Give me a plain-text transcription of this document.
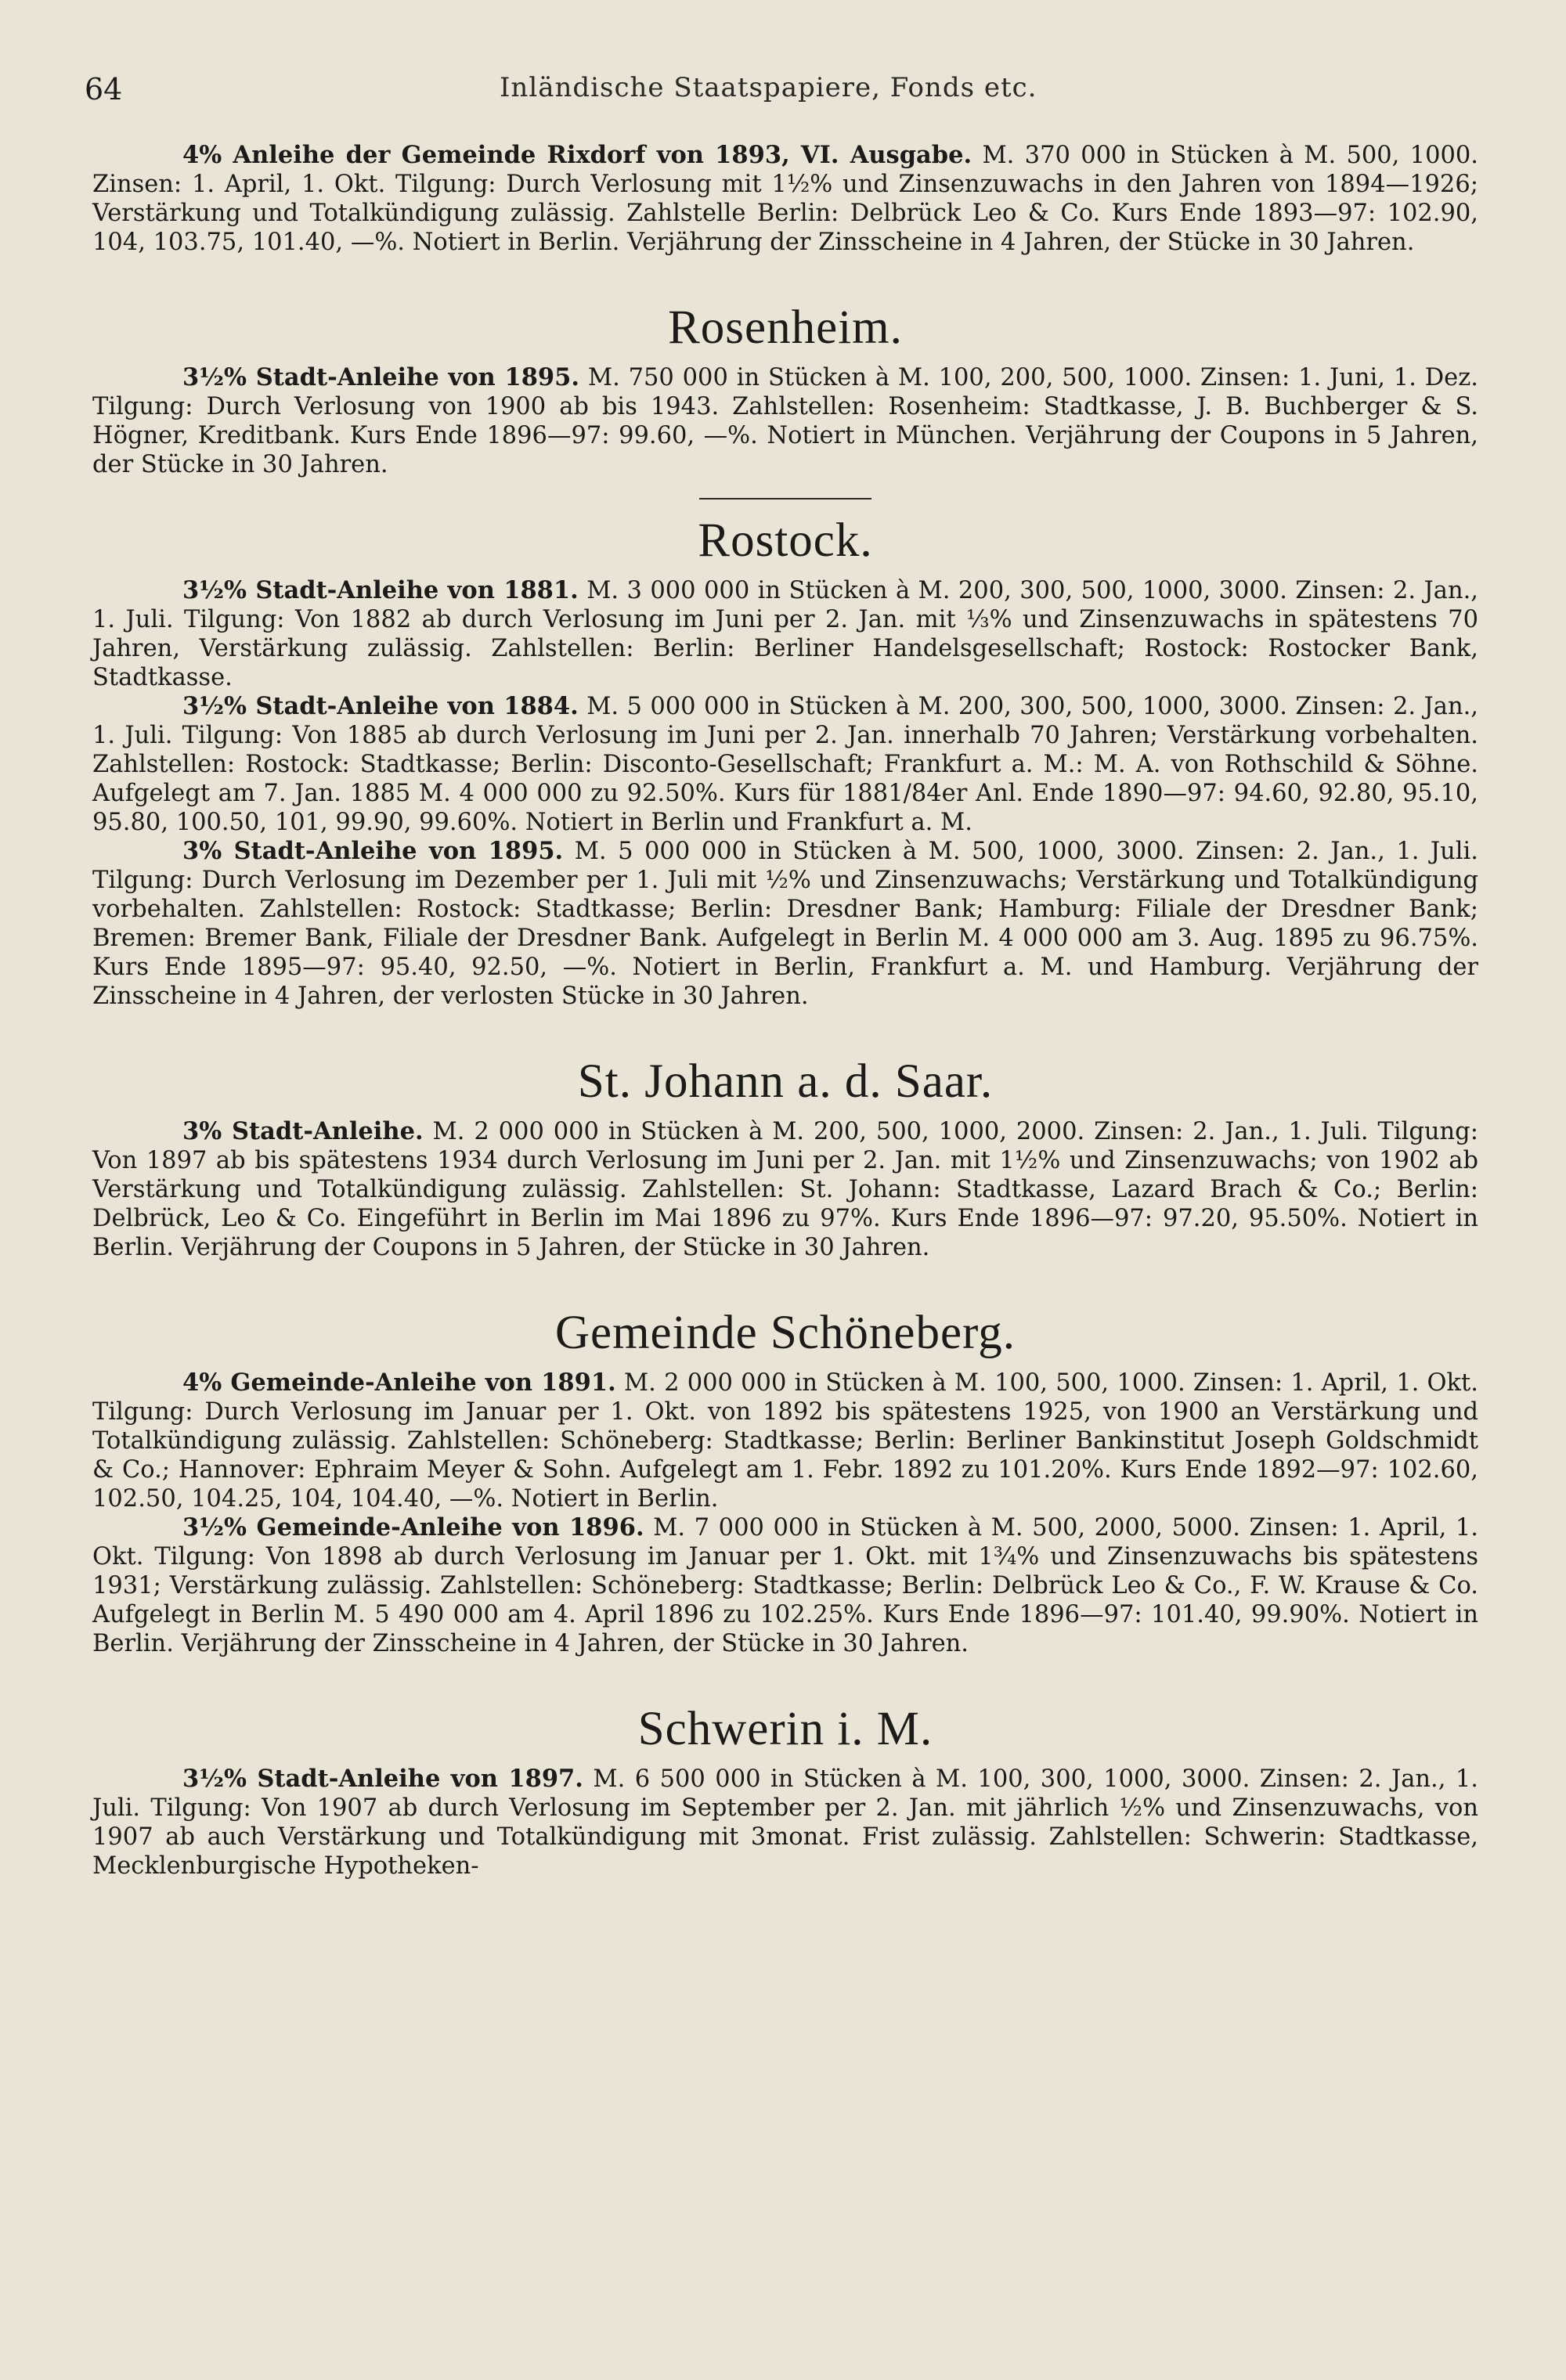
64	Inländische Staatspapiere, Fonds etc.

4% Anleihe der Gemeinde Rixdorf von 1893, VI. Ausgabe. M. 370 000 in Stücken à M. 500, 1000. Zinsen: 1. April, 1. Okt. Tilgung: Durch Verlosung mit 1½% und Zinsenzuwachs in den Jahren von 1894—1926; Verstärkung und Totalkündigung zulässig. Zahlstelle Berlin: Delbrück Leo & Co. Kurs Ende 1893—97: 102.90, 104, 103.75, 101.40, —%. Notiert in Berlin. Verjährung der Zinsscheine in 4 Jahren, der Stücke in 30 Jahren.

Rosenheim.

3½% Stadt-Anleihe von 1895. M. 750 000 in Stücken à M. 100, 200, 500, 1000. Zinsen: 1. Juni, 1. Dez. Tilgung: Durch Verlosung von 1900 ab bis 1943. Zahlstellen: Rosenheim: Stadtkasse, J. B. Buchberger & S. Högner, Kreditbank. Kurs Ende 1896—97: 99.60, —%. Notiert in München. Verjährung der Coupons in 5 Jahren, der Stücke in 30 Jahren.

Rostock.

3½% Stadt-Anleihe von 1881. M. 3 000 000 in Stücken à M. 200, 300, 500, 1000, 3000. Zinsen: 2. Jan., 1. Juli. Tilgung: Von 1882 ab durch Verlosung im Juni per 2. Jan. mit ⅓% und Zinsenzuwachs in spätestens 70 Jahren, Verstärkung zulässig. Zahlstellen: Berlin: Berliner Handelsgesellschaft; Rostock: Rostocker Bank, Stadtkasse.

3½% Stadt-Anleihe von 1884. M. 5 000 000 in Stücken à M. 200, 300, 500, 1000, 3000. Zinsen: 2. Jan., 1. Juli. Tilgung: Von 1885 ab durch Verlosung im Juni per 2. Jan. innerhalb 70 Jahren; Verstärkung vorbehalten. Zahlstellen: Rostock: Stadtkasse; Berlin: Disconto-Gesellschaft; Frankfurt a. M.: M. A. von Rothschild & Söhne. Aufgelegt am 7. Jan. 1885 M. 4 000 000 zu 92.50%. Kurs für 1881/84er Anl. Ende 1890—97: 94.60, 92.80, 95.10, 95.80, 100.50, 101, 99.90, 99.60%. Notiert in Berlin und Frankfurt a. M.

3% Stadt-Anleihe von 1895. M. 5 000 000 in Stücken à M. 500, 1000, 3000. Zinsen: 2. Jan., 1. Juli. Tilgung: Durch Verlosung im Dezember per 1. Juli mit ½% und Zinsenzuwachs; Verstärkung und Totalkündigung vorbehalten. Zahlstellen: Rostock: Stadtkasse; Berlin: Dresdner Bank; Hamburg: Filiale der Dresdner Bank; Bremen: Bremer Bank, Filiale der Dresdner Bank. Aufgelegt in Berlin M. 4 000 000 am 3. Aug. 1895 zu 96.75%. Kurs Ende 1895—97: 95.40, 92.50, —%. Notiert in Berlin, Frankfurt a. M. und Hamburg. Verjährung der Zinsscheine in 4 Jahren, der verlosten Stücke in 30 Jahren.

St. Johann a. d. Saar.

3% Stadt-Anleihe. M. 2 000 000 in Stücken à M. 200, 500, 1000, 2000. Zinsen: 2. Jan., 1. Juli. Tilgung: Von 1897 ab bis spätestens 1934 durch Verlosung im Juni per 2. Jan. mit 1½% und Zinsenzuwachs; von 1902 ab Verstärkung und Totalkündigung zulässig. Zahlstellen: St. Johann: Stadtkasse, Lazard Brach & Co.; Berlin: Delbrück, Leo & Co. Eingeführt in Berlin im Mai 1896 zu 97%. Kurs Ende 1896—97: 97.20, 95.50%. Notiert in Berlin. Verjährung der Coupons in 5 Jahren, der Stücke in 30 Jahren.

Gemeinde Schöneberg.

4% Gemeinde-Anleihe von 1891. M. 2 000 000 in Stücken à M. 100, 500, 1000. Zinsen: 1. April, 1. Okt. Tilgung: Durch Verlosung im Januar per 1. Okt. von 1892 bis spätestens 1925, von 1900 an Verstärkung und Totalkündigung zulässig. Zahlstellen: Schöneberg: Stadtkasse; Berlin: Berliner Bankinstitut Joseph Goldschmidt & Co.; Hannover: Ephraim Meyer & Sohn. Aufgelegt am 1. Febr. 1892 zu 101.20%. Kurs Ende 1892—97: 102.60, 102.50, 104.25, 104, 104.40, —%. Notiert in Berlin.

3½% Gemeinde-Anleihe von 1896. M. 7 000 000 in Stücken à M. 500, 2000, 5000. Zinsen: 1. April, 1. Okt. Tilgung: Von 1898 ab durch Verlosung im Januar per 1. Okt. mit 1¾% und Zinsenzuwachs bis spätestens 1931; Verstärkung zulässig. Zahlstellen: Schöneberg: Stadtkasse; Berlin: Delbrück Leo & Co., F. W. Krause & Co. Aufgelegt in Berlin M. 5 490 000 am 4. April 1896 zu 102.25%. Kurs Ende 1896—97: 101.40, 99.90%. Notiert in Berlin. Verjährung der Zinsscheine in 4 Jahren, der Stücke in 30 Jahren.

Schwerin i. M.

3½% Stadt-Anleihe von 1897. M. 6 500 000 in Stücken à M. 100, 300, 1000, 3000. Zinsen: 2. Jan., 1. Juli. Tilgung: Von 1907 ab durch Verlosung im September per 2. Jan. mit jährlich ½% und Zinsenzuwachs, von 1907 ab auch Verstärkung und Totalkündigung mit 3monat. Frist zulässig. Zahlstellen: Schwerin: Stadtkasse, Mecklenburgische Hypotheken-
